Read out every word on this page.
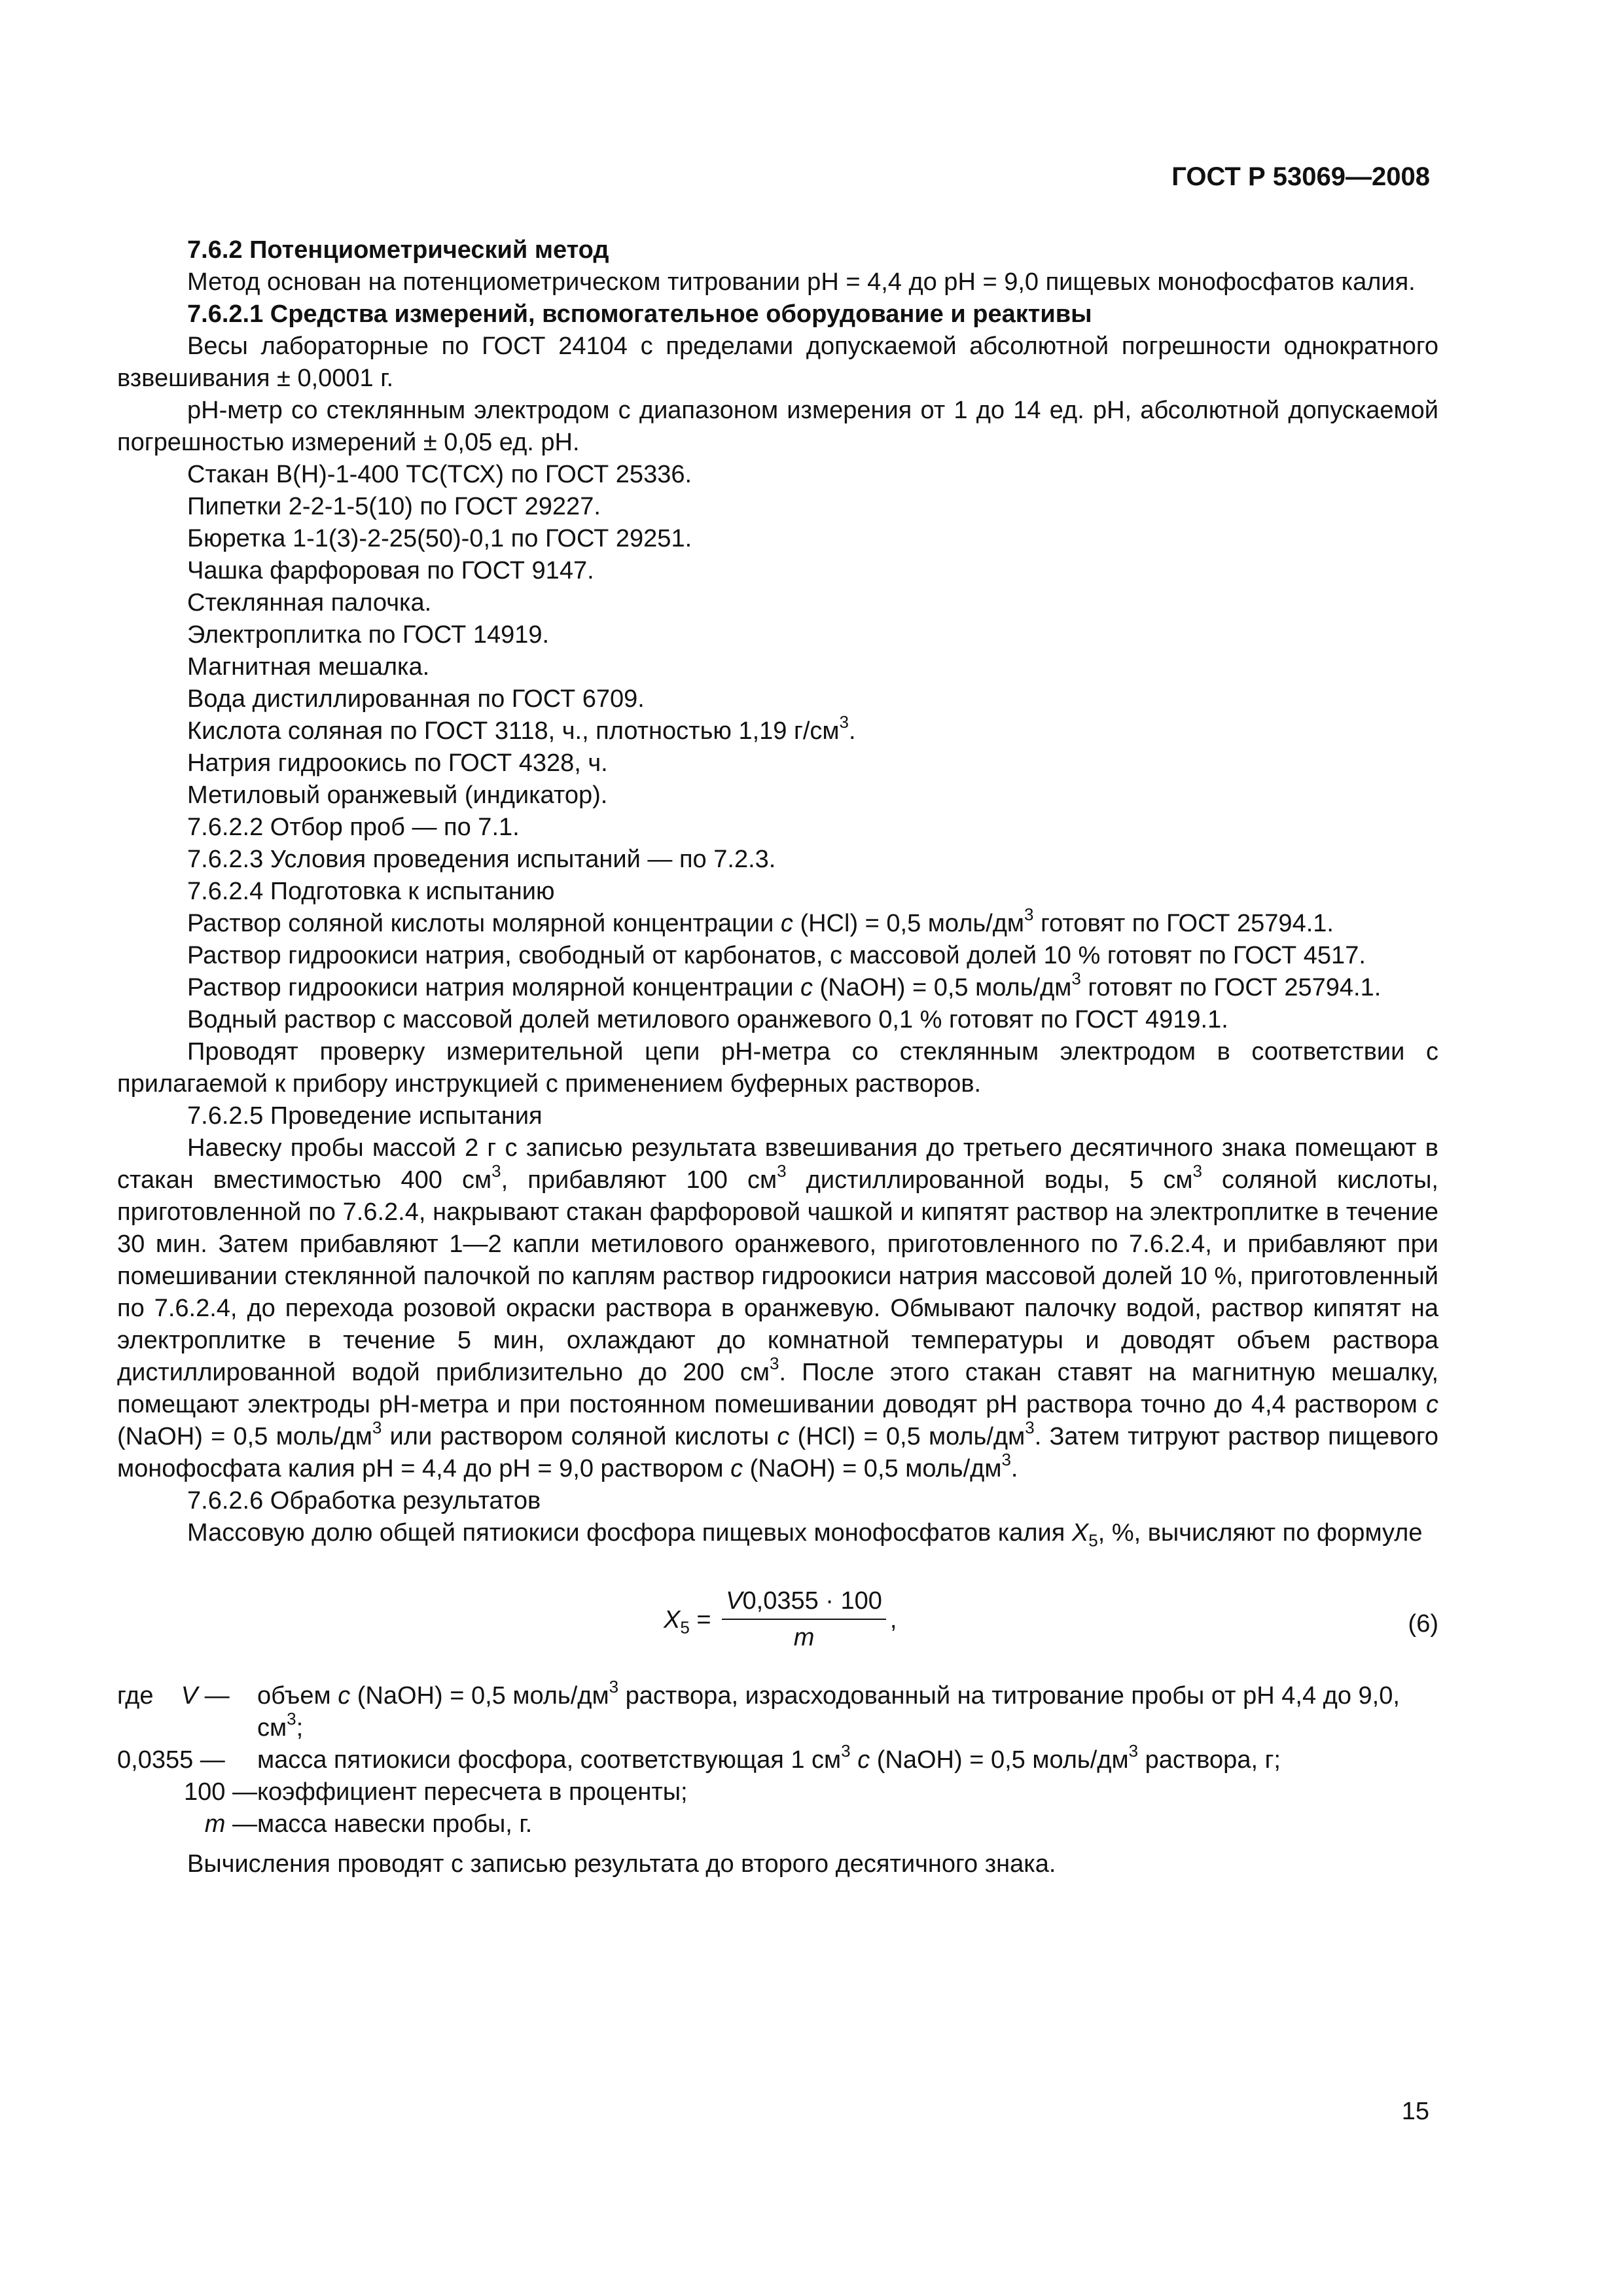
ГОСТ Р 53069—2008

7.6.2 Потенциометрический метод

Метод основан на потенциометрическом титровании pH = 4,4 до pH = 9,0 пищевых монофосфатов калия.

7.6.2.1 Средства измерений, вспомогательное оборудование и реактивы

Весы лабораторные по ГОСТ 24104 с пределами допускаемой абсолютной погрешности однократного взвешивания ± 0,0001 г.

pH-метр со стеклянным электродом с диапазоном измерения от 1 до 14 ед. pH, абсолютной допускаемой погрешностью измерений ± 0,05 ед. pH.

Стакан В(Н)-1-400 ТС(ТСХ) по ГОСТ 25336.

Пипетки 2-2-1-5(10) по ГОСТ 29227.

Бюретка 1-1(3)-2-25(50)-0,1 по ГОСТ 29251.

Чашка фарфоровая по ГОСТ 9147.

Стеклянная палочка.

Электроплитка по ГОСТ 14919.

Магнитная мешалка.

Вода дистиллированная по ГОСТ 6709.

Кислота соляная по ГОСТ 3118, ч., плотностью 1,19 $г/см^3$.

Натрия гидроокись по ГОСТ 4328, ч.

Метиловый оранжевый (индикатор).

7.6.2.2 Отбор проб — по 7.1.

7.6.2.3 Условия проведения испытаний — по 7.2.3.

7.6.2.4 Подготовка к испытанию

Раствор соляной кислоты молярной концентрации c (HCl) = 0,5 моль/$дм^3$ готовят по ГОСТ 25794.1.

Раствор гидроокиси натрия, свободный от карбонатов, с массовой долей 10 % готовят по ГОСТ 4517.

Раствор гидроокиси натрия молярной концентрации c (NaOH) = 0,5 моль/$дм^3$ готовят по ГОСТ 25794.1.

Водный раствор с массовой долей метилового оранжевого 0,1 % готовят по ГОСТ 4919.1.

Проводят проверку измерительной цепи pH-метра со стеклянным электродом в соответствии с прилагаемой к прибору инструкцией с применением буферных растворов.

7.6.2.5 Проведение испытания

Навеску пробы массой 2 г с записью результата взвешивания до третьего десятичного знака помещают в стакан вместимостью 400 $см^3$, прибавляют 100 $см^3$ дистиллированной воды, 5 $см^3$ соляной кислоты, приготовленной по 7.6.2.4, накрывают стакан фарфоровой чашкой и кипятят раствор на электроплитке в течение 30 мин. Затем прибавляют 1—2 капли метилового оранжевого, приготовленного по 7.6.2.4, и прибавляют при помешивании стеклянной палочкой по каплям раствор гидроокиси натрия массовой долей 10 %, приготовленный по 7.6.2.4, до перехода розовой окраски раствора в оранжевую. Обмывают палочку водой, раствор кипятят на электроплитке в течение 5 мин, охлаждают до комнатной температуры и доводят объем раствора дистиллированной водой приблизительно до 200 $см^3$. После этого стакан ставят на магнитную мешалку, помещают электроды pH-метра и при постоянном помешивании доводят pH раствора точно до 4,4 раствором c (NaOH) = 0,5 моль/$дм^3$ или раствором соляной кислоты c (HCl) = 0,5 моль/$дм^3$. Затем титруют раствор пищевого монофосфата калия pH = 4,4 до pH = 9,0 раствором c (NaOH) = 0,5 моль/$дм^3$.

7.6.2.6 Обработка результатов

Массовую долю общей пятиокиси фосфора пищевых монофосфатов калия $X_5$, %, вычисляют по формуле

$X_5 = \frac{V0,0355 \cdot 100}{m}$ ,	(6)
где    V — объем c (NaOH) = 0,5 моль/$дм^3$ раствора, израсходованный на титрование пробы от pH 4,4 до 9,0, $см^3$;

0,0355 — масса пятиокиси фосфора, соответствующая 1 $см^3$ c (NaOH) = 0,5 моль/$дм^3$ раствора, г;

100 — коэффициент пересчета в проценты;

m — масса навески пробы, г.

Вычисления проводят с записью результата до второго десятичного знака.

15
